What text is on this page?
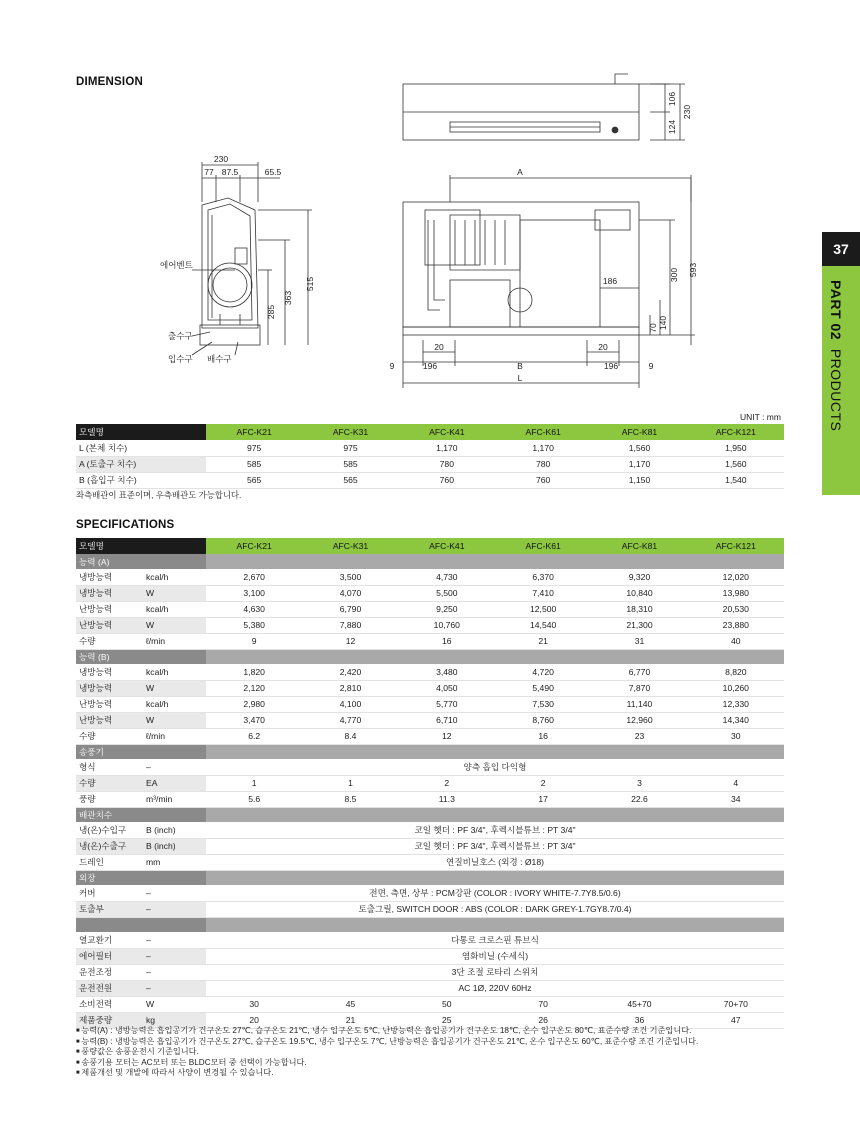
37
PART 02  PRODUCTS
DIMENSION
230
77 87.5	65.5
515
363
285
에어벤트
출수구
입수구 배수구
106
124
230
A
186	300 593
70 140
20	20
9	196	B	196	9
L
UNIT : mm
모델명	AFC-K21	AFC-K31	AFC-K41	AFC-K61	AFC-K81	AFC-K121
L (본체 치수)	975	975	1,170	1,170	1,560	1,950
A (토출구 치수)	585	585	780	780	1,170	1,560
B (흡입구 치수)	565	565	760	760	1,150	1,540
좌측배관이 표준이며, 우측배관도 가능합니다.
SPECIFICATIONS
모델명		AFC-K21	AFC-K31	AFC-K41	AFC-K61	AFC-K81	AFC-K121
능력 (A)							
냉방능력	kcal/h	2,670	3,500	4,730	6,370	9,320	12,020
냉방능력	W	3,100	4,070	5,500	7,410	10,840	13,980
난방능력	kcal/h	4,630	6,790	9,250	12,500	18,310	20,530
난방능력	W	5,380	7,880	10,760	14,540	21,300	23,880
수량	ℓ/min	9	12	16	21	31	40
능력 (B)							
냉방능력	kcal/h	1,820	2,420	3,480	4,720	6,770	8,820
냉방능력	W	2,120	2,810	4,050	5,490	7,870	10,260
난방능력	kcal/h	2,980	4,100	5,770	7,530	11,140	12,330
난방능력	W	3,470	4,770	6,710	8,760	12,960	14,340
수량	ℓ/min	6.2	8.4	12	16	23	30
송풍기							
형식	–	양측 흡입 다익형					
수량	EA	1	1	2	2	3	4
풍량	m³/min	5.6	8.5	11.3	17	22.6	34
배관치수							
냉(온)수입구	B (inch)	코일 헷더 : PF 3/4", 후렉시블튜브 : PT 3/4"					
냉(온)수출구	B (inch)	코일 헷더 : PF 3/4", 후렉시블튜브 : PT 3/4"					
드레인	mm	연질비닐호스 (외경 : Ø18)					
외장							
커버	–	전면, 측면, 상부 : PCM강판 (COLOR : IVORY WHITE-7.7Y8.5/0.6)					
토출부	–	토출그릴, SWITCH DOOR : ABS (COLOR : DARK GREY-1.7GY8.7/0.4)					

열교환기	–	다통로 크로스핀 튜브식					
에어필터	–	염화비닐 (수세식)					
운전조정	–	3단 조절 로타리 스위치					
운전전원	–	AC 1Ø, 220V 60Hz					
소비전력	W	30	45	50	70	45+70	70+70
제품중량	kg	20	21	25	26	36	47
■ 능력(A) : 냉방능력은 흡입공기가 건구온도 27℃, 습구온도 21℃, 냉수 입구온도 5℃, 난방능력은 흡입공기가 건구온도 18℃, 온수 입구온도 80℃, 표준수량 조건 기준입니다.
■ 능력(B) : 냉방능력은 흡입공기가 건구온도 27℃, 습구온도 19.5℃, 냉수 입구온도 7℃, 난방능력은 흡입공기가 건구온도 21℃, 온수 입구온도 60℃, 표준수량 조건 기준입니다.
■ 풍량값은 송풍운전시 기준입니다.
■ 송풍기용 모터는 AC모터 또는 BLDC모터 중 선택이 가능합니다.
■ 제품개선 및 개발에 따라서 사양이 변경될 수 있습니다.
